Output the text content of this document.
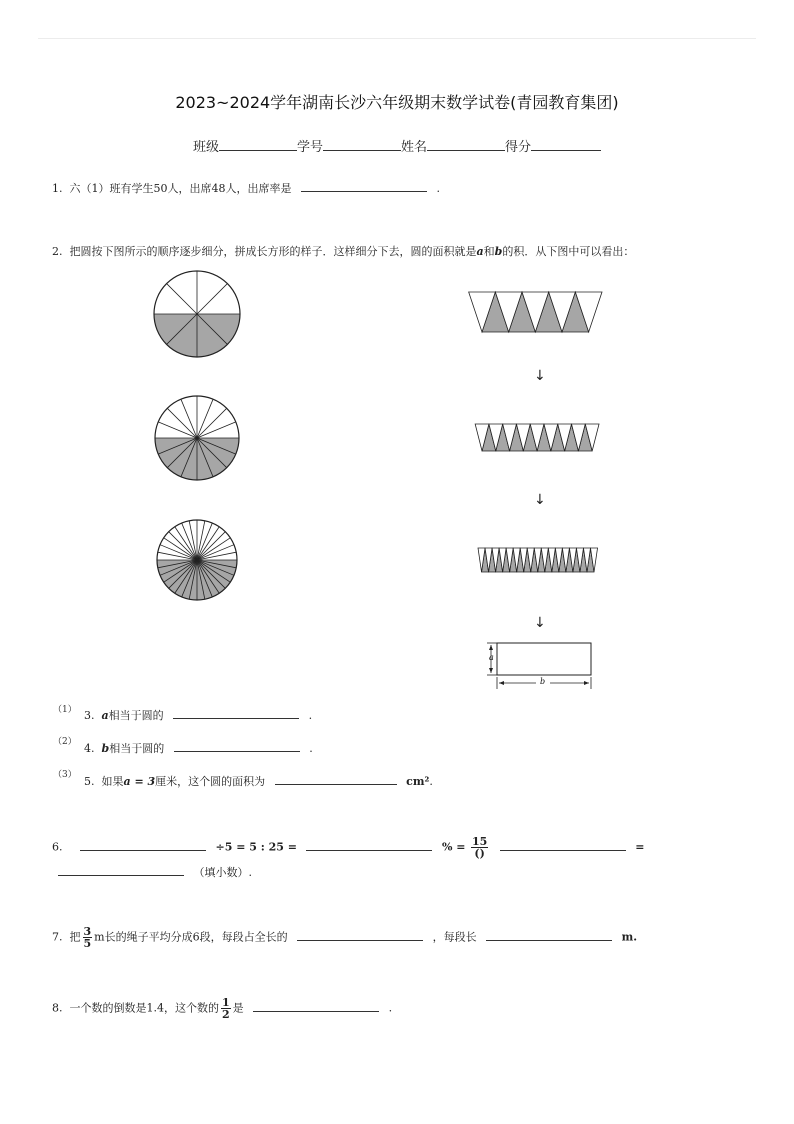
2023~2024学年湖南长沙六年级期末数学试卷(青园教育集团)
班级	学号	姓名	得分
1. 六（1）班有学生50人，出席48人，出席率是	.
2. 把圆按下图所示的顺序逐步细分，拼成长方形的样子．这样细分下去，圆的面积就是a和b的积．从下图中可以看出：
a
b
↓
↓
↓
（1） 3. a相当于圆的	.
（2） 4. b相当于圆的	.
（3） 5. 如果a = 3厘米，这个圆的面积为	cm².
6.	÷5 = 5 : 25 =	% = $\frac{15}{()}$	=
（填小数）.
7. 把 $\frac{3}{5}$ m长的绳子平均分成6段，每段占全长的	，每段长	m.
8. 一个数的倒数是1.4，这个数的 $\frac{1}{2}$ 是	.
